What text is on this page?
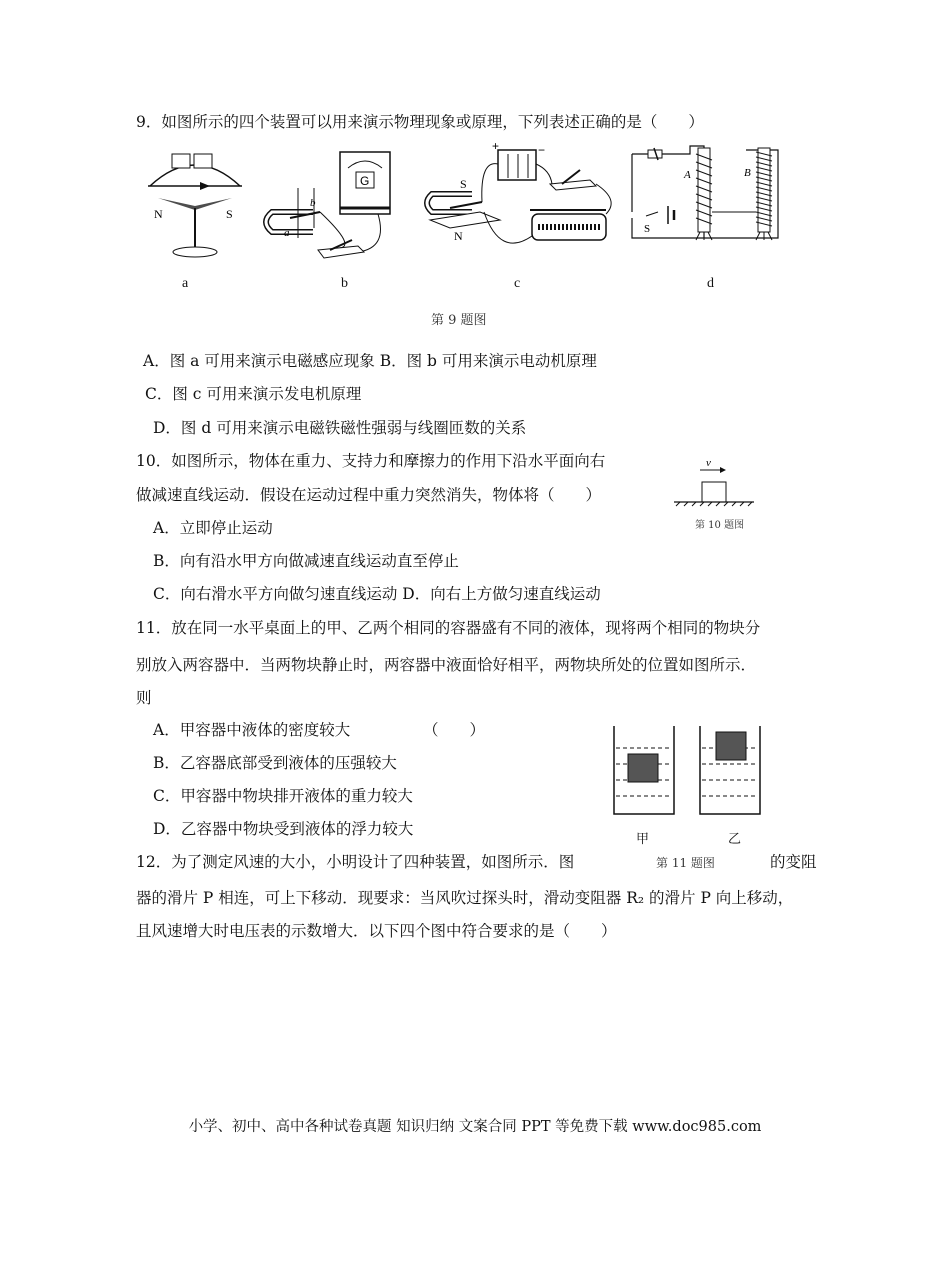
9．如图所示的四个装置可以用来演示物理现象或原理，下列表述正确的是（　　）
N	S
a
G
a
b
b
+	−
S
N
c
S
A	B
d
第 9 题图
A．图 a 可用来演示电磁感应现象 B．图 b 可用来演示电动机原理
C．图 c 可用来演示发电机原理
D．图 d 可用来演示电磁铁磁性强弱与线圈匝数的关系
10．如图所示，物体在重力、支持力和摩擦力的作用下沿水平面向右
做减速直线运动．假设在运动过程中重力突然消失，物体将（　　）
A．立即停止运动
B．向有沿水甲方向做减速直线运动直至停止
C．向右滑水平方向做匀速直线运动 D．向右上方做匀速直线运动
v
第 10 题图
11．放在同一水平桌面上的甲、乙两个相同的容器盛有不同的液体，现将两个相同的物块分
别放入两容器中．当两物块静止时，两容器中液面恰好相平，两物块所处的位置如图所示．
则
A．甲容器中液体的密度较大	（　　）
B．乙容器底部受到液体的压强较大
C．甲容器中物块排开液体的重力较大
D．乙容器中物块受到液体的浮力较大
甲	乙
12．为了测定风速的大小，小明设计了四种装置，如图所示．图	的变阻
第 11 题图
器的滑片 P 相连，可上下移动．现要求：当风吹过探头时，滑动变阻器 R₂ 的滑片 P 向上移动，
且风速增大时电压表的示数增大．以下四个图中符合要求的是（　　）
小学、初中、高中各种试卷真题 知识归纳 文案合同 PPT 等免费下载 www.doc985.com
